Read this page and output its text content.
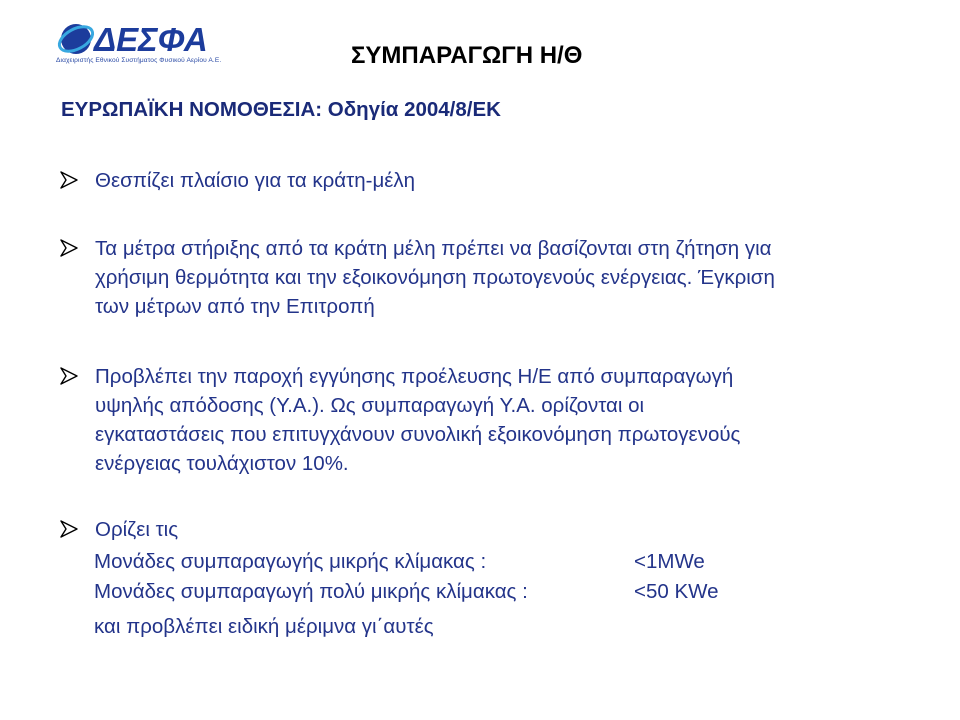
ΔΕΣΦΑ
Διαχειριστής Εθνικού Συστήματος Φυσικού Αερίου Α.Ε.	ΣΥΜΠΑΡΑΓΩΓΗ Η/Θ
ΕΥΡΩΠΑΪΚΗ ΝΟΜΟΘΕΣΙΑ: Οδηγία 2004/8/ΕΚ
Θεσπίζει πλαίσιο για τα κράτη-μέλη
Τα μέτρα στήριξης από τα κράτη μέλη πρέπει να βασίζονται στη ζήτηση για
χρήσιμη θερμότητα και την εξοικονόμηση πρωτογενούς ενέργειας. Έγκριση
των μέτρων από την Επιτροπή
Προβλέπει την παροχή εγγύησης προέλευσης Η/Ε από συμπαραγωγή
υψηλής απόδοσης (Υ.Α.). Ως συμπαραγωγή Υ.Α. ορίζονται οι
εγκαταστάσεις που επιτυγχάνουν συνολική εξοικονόμηση πρωτογενούς
ενέργειας τουλάχιστον 10%.
Ορίζει τις
Μονάδες συμπαραγωγής μικρής κλίμακας :	<1MWe
Μονάδες συμπαραγωγή πολύ μικρής κλίμακας :	<50 KWe
και προβλέπει ειδική μέριμνα γι΄αυτές
